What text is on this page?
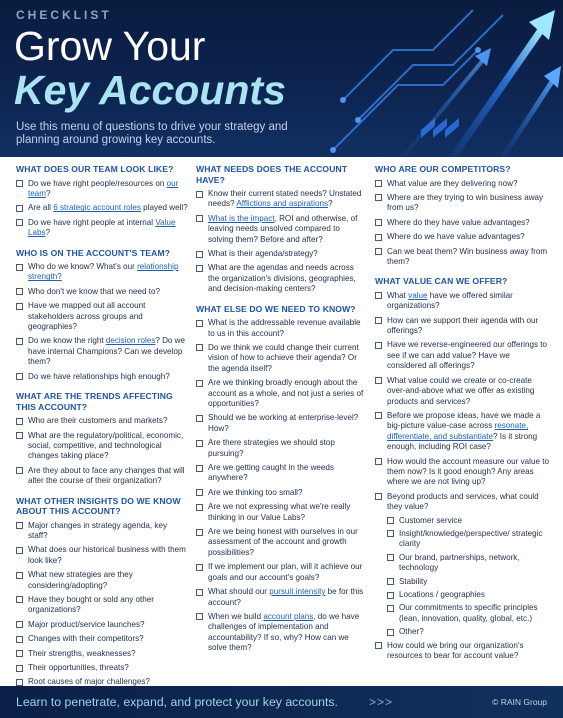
CHECKLIST
Grow Your
Key Accounts
Use this menu of questions to drive your strategy and planning around growing key accounts.
WHAT DOES OUR TEAM LOOK LIKE?
Do we have right people/resources on our team?
Are all 6 strategic account roles played well?
Do we have right people at internal Value Labs?
WHO IS ON THE ACCOUNT'S TEAM?
Who do we know? What's our relationship strength?
Who don't we know that we need to?
Have we mapped out all account stakeholders across groups and geographies?
Do we know the right decision roles? Do we have internal Champions? Can we develop them?
Do we have relationships high enough?
WHAT ARE THE TRENDS AFFECTING THIS ACCOUNT?
Who are their customers and markets?
What are the regulatory/political, economic, social, competitive, and technological changes taking place?
Are they about to face any changes that will alter the course of their organization?
WHAT OTHER INSIGHTS DO WE KNOW ABOUT THIS ACCOUNT?
Major changes in strategy agenda, key staff?
What does our historical business with them look like?
What new strategies are they considering/adopting?
Have they bought or sold any other organizations?
Major product/service launches?
Changes with their competitors?
Their strengths, weaknesses?
Their opportunities, threats?
Root causes of major challenges?
WHAT NEEDS DOES THE ACCOUNT HAVE?
Know their current stated needs? Unstated needs? Afflictions and aspirations?
What is the impact, ROI and otherwise, of leaving needs unsolved compared to solving them? Before and after?
What is their agenda/strategy?
What are the agendas and needs across the organization's divisions, geographies, and decision-making centers?
WHAT ELSE DO WE NEED TO KNOW?
What is the addressable revenue available to us in this account?
Do we think we could change their current vision of how to achieve their agenda? Or the agenda itself?
Are we thinking broadly enough about the account as a whole, and not just a series of opportunities?
Should we be working at enterprise-level? How?
Are there strategies we should stop pursuing?
Are we getting caught in the weeds anywhere?
Are we thinking too small?
Are we not expressing what we're really thinking in our Value Labs?
Are we being honest with ourselves in our assessment of the account and growth possibilities?
If we implement our plan, will it achieve our goals and our account's goals?
What should our pursuit intensity be for this account?
When we build account plans, do we have challenges of implementation and accountability? If so, why? How can we solve them?
WHO ARE OUR COMPETITORS?
What value are they delivering now?
Where are they trying to win business away from us?
Where do they have value advantages?
Where do we have value advantages?
Can we beat them? Win business away from them?
WHAT VALUE CAN WE OFFER?
What value have we offered similar organizations?
How can we support their agenda with our offerings?
Have we reverse-engineered our offerings to see if we can add value? Have we considered all offerings?
What value could we create or co-create over-and-above what we offer as existing products and services?
Before we propose ideas, have we made a big-picture value-case across resonate, differentiate, and substantiate? Is it strong enough, including ROI case?
How would the account measure our value to them now? Is it good enough? Any areas where we are not living up?
Beyond products and services, what could they value?
Customer service
Insight/knowledge/perspective/ strategic clarity
Our brand, partnerships, network, technology
Stability
Locations / geographies
Our commitments to specific principles (lean, innovation, quality, global, etc.)
Other?
How could we bring our organization's resources to bear for account value?
Learn to penetrate, expand, and protect your key accounts.	>>>	© RAIN Group
